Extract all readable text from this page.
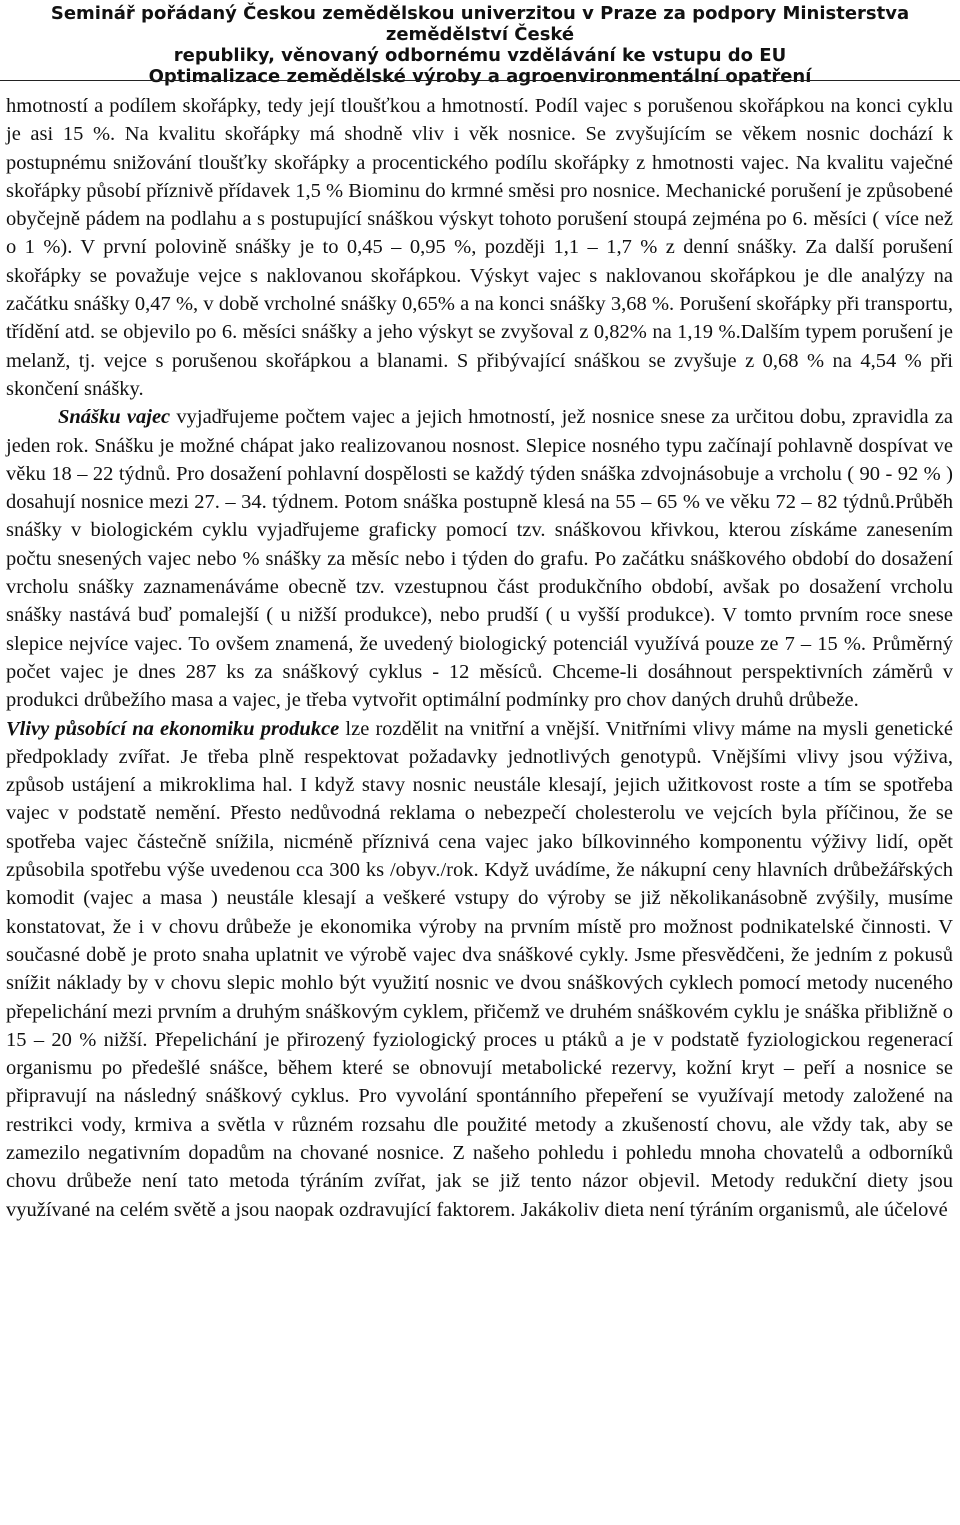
Seminář pořádaný Českou zemědělskou univerzitou v Praze za podpory Ministerstva zemědělství České
republiky, věnovaný odbornému vzdělávání ke vstupu do EU
Optimalizace zemědělské výroby a agroenvironmentální opatření

hmotností a podílem skořápky, tedy její tloušťkou a hmotností. Podíl vajec s porušenou skořápkou na konci cyklu je asi 15 %. Na kvalitu skořápky má shodně vliv i věk nosnice. Se zvyšujícím se věkem nosnic dochází k postupnému snižování tloušťky skořápky a procentického podílu skořápky z hmotnosti vajec. Na kvalitu vaječné skořápky působí příznivě přídavek 1,5 % Biominu do krmné směsi pro nosnice. Mechanické porušení je způsobené obyčejně pádem na podlahu a s postupující snáškou výskyt tohoto porušení stoupá zejména po 6. měsíci ( více než o 1 %). V první polovině snášky je to 0,45 – 0,95 %, později 1,1 – 1,7 % z denní snášky. Za další porušení skořápky se považuje vejce s naklovanou skořápkou. Výskyt vajec s naklovanou skořápkou je dle analýzy na začátku snášky 0,47 %, v době vrcholné snášky 0,65% a na konci snášky 3,68 %. Porušení skořápky při transportu, třídění atd. se objevilo po 6. měsíci snášky a jeho výskyt se zvyšoval z 0,82% na 1,19 %.Dalším typem porušení je melanž, tj. vejce s porušenou skořápkou a blanami. S přibývající snáškou se zvyšuje z 0,68 % na 4,54 % při skončení snášky.

Snášku vajec vyjadřujeme počtem vajec a jejich hmotností, jež nosnice snese za určitou dobu, zpravidla za jeden rok. Snášku je možné chápat jako realizovanou nosnost. Slepice nosného typu začínají pohlavně dospívat ve věku 18 – 22 týdnů. Pro dosažení pohlavní dospělosti se každý týden snáška zdvojnásobuje a vrcholu ( 90 - 92 % ) dosahují nosnice mezi 27. – 34. týdnem. Potom snáška postupně klesá na 55 – 65 % ve věku 72 – 82 týdnů.Průběh snášky v biologickém cyklu vyjadřujeme graficky pomocí tzv. snáškovou křivkou, kterou získáme zanesením počtu snesených vajec nebo % snášky za měsíc nebo i týden do grafu. Po začátku snáškového období do dosažení vrcholu snášky zaznamenáváme obecně tzv. vzestupnou část produkčního období, avšak po dosažení vrcholu snášky nastává buď pomalejší ( u nižší produkce), nebo prudší ( u vyšší produkce). V tomto prvním roce snese slepice nejvíce vajec. To ovšem znamená, že uvedený biologický potenciál využívá pouze ze 7 – 15 %. Průměrný počet vajec je dnes 287 ks za snáškový cyklus - 12 měsíců. Chceme-li dosáhnout perspektivních záměrů v produkci drůbežího masa a vajec, je třeba vytvořit optimální podmínky pro chov daných druhů drůbeže.

Vlivy působící na ekonomiku produkce lze rozdělit na vnitřní a vnější. Vnitřními vlivy máme na mysli genetické předpoklady zvířat. Je třeba plně respektovat požadavky jednotlivých genotypů. Vnějšími vlivy jsou výživa, způsob ustájení a mikroklima hal. I když stavy nosnic neustále klesají, jejich užitkovost roste a tím se spotřeba vajec v podstatě nemění. Přesto nedůvodná reklama o nebezpečí cholesterolu ve vejcích byla příčinou, že se spotřeba vajec částečně snížila, nicméně příznivá cena vajec jako bílkovinného komponentu výživy lidí, opět způsobila spotřebu výše uvedenou cca 300 ks /obyv./rok. Když uvádíme, že nákupní ceny hlavních drůbežářských komodit (vajec a masa ) neustále klesají a veškeré vstupy do výroby se již několikanásobně zvýšily, musíme konstatovat, že i v chovu drůbeže je ekonomika výroby na prvním místě pro možnost podnikatelské činnosti. V současné době je proto snaha uplatnit ve výrobě vajec dva snáškové cykly. Jsme přesvědčeni, že jedním z pokusů snížit náklady by v chovu slepic mohlo být využití nosnic ve dvou snáškových cyklech pomocí metody nuceného přepelichání mezi prvním a druhým snáškovým cyklem, přičemž ve druhém snáškovém cyklu je snáška přibližně o 15 – 20 % nižší. Přepelichání je přirozený fyziologický proces u ptáků a je v podstatě fyziologickou regenerací organismu po předešlé snášce, během které se obnovují metabolické rezervy, kožní kryt – peří a nosnice se připravují na následný snáškový cyklus. Pro vyvolání spontánního přepeření se využívají metody založené na restrikci vody, krmiva a světla v různém rozsahu dle použité metody a zkušeností chovu, ale vždy tak, aby se zamezilo negativním dopadům na chované nosnice. Z našeho pohledu i pohledu mnoha chovatelů a odborníků chovu drůbeže není tato metoda týráním zvířat, jak se již tento názor objevil. Metody redukční diety jsou využívané na celém světě a jsou naopak ozdravující faktorem. Jakákoliv dieta není týráním organismů, ale účelové
